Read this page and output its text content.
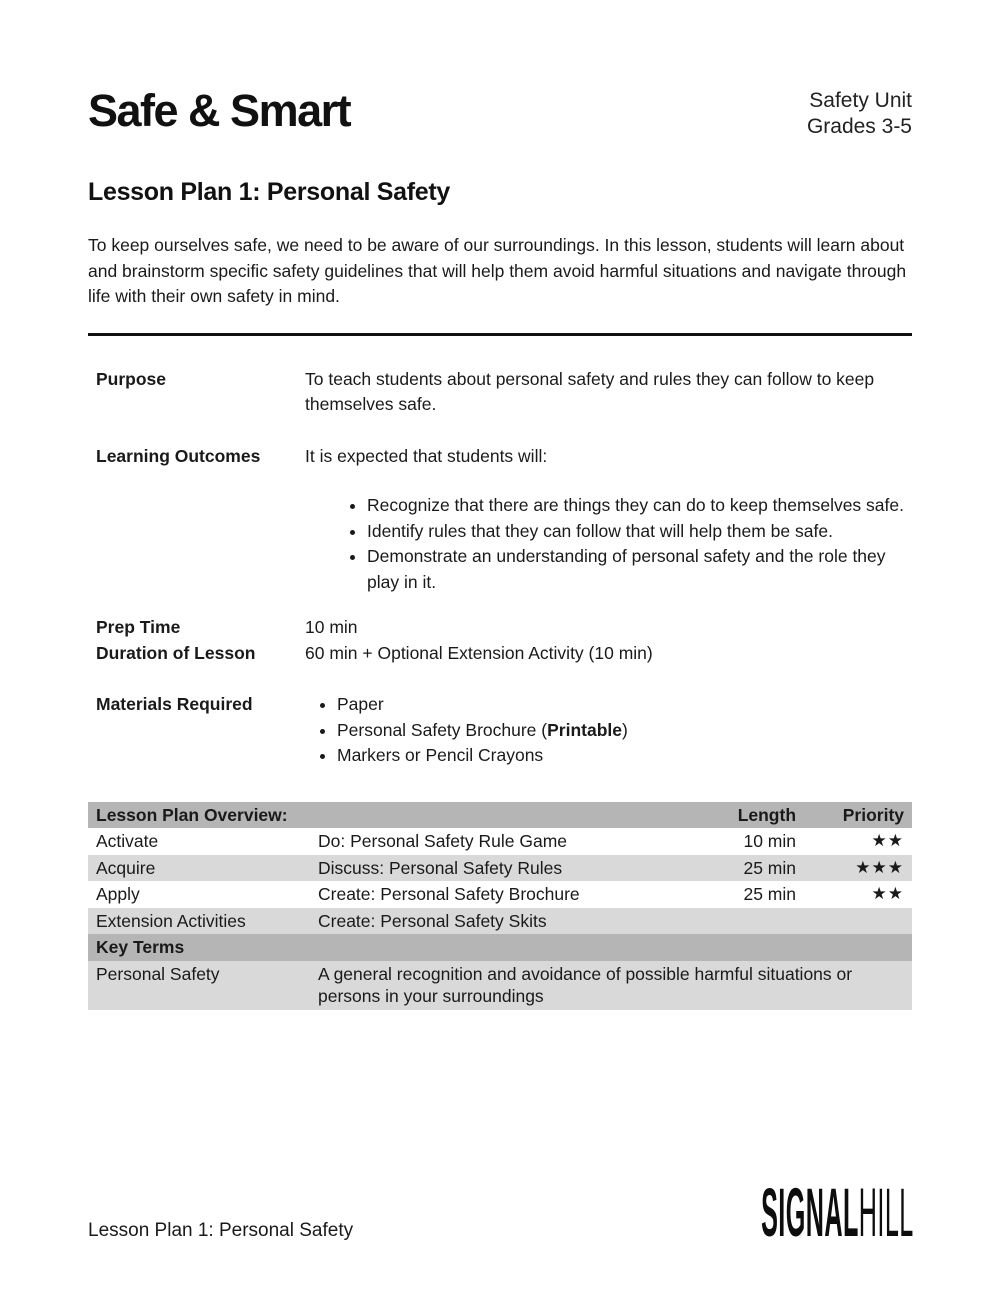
Safe & Smart	Safety Unit
Grades 3-5
Lesson Plan 1: Personal Safety

To keep ourselves safe, we need to be aware of our surroundings. In this lesson, students will learn about and brainstorm specific safety guidelines that will help them avoid harmful situations and navigate through life with their own safety in mind.

Purpose	To teach students about personal safety and rules they can follow to keep themselves safe.
Learning Outcomes	It is expected that students will:
• Recognize that there are things they can do to keep themselves safe.
• Identify rules that they can follow that will help them be safe.
• Demonstrate an understanding of personal safety and the role they play in it.
Prep Time	10 min
Duration of Lesson	60 min + Optional Extension Activity (10 min)
Materials Required	• Paper
• Personal Safety Brochure (Printable)
• Markers or Pencil Crayons
Lesson Plan Overview:		Length	Priority
Activate	Do: Personal Safety Rule Game	10 min	★★
Acquire	Discuss: Personal Safety Rules	25 min	★★★
Apply	Create: Personal Safety Brochure	25 min	★★
Extension Activities	Create: Personal Safety Skits		
Key Terms			
Personal Safety	A general recognition and avoidance of possible harmful situations or persons in your surroundings		
Lesson Plan 1: Personal Safety	SIGNALHILL
